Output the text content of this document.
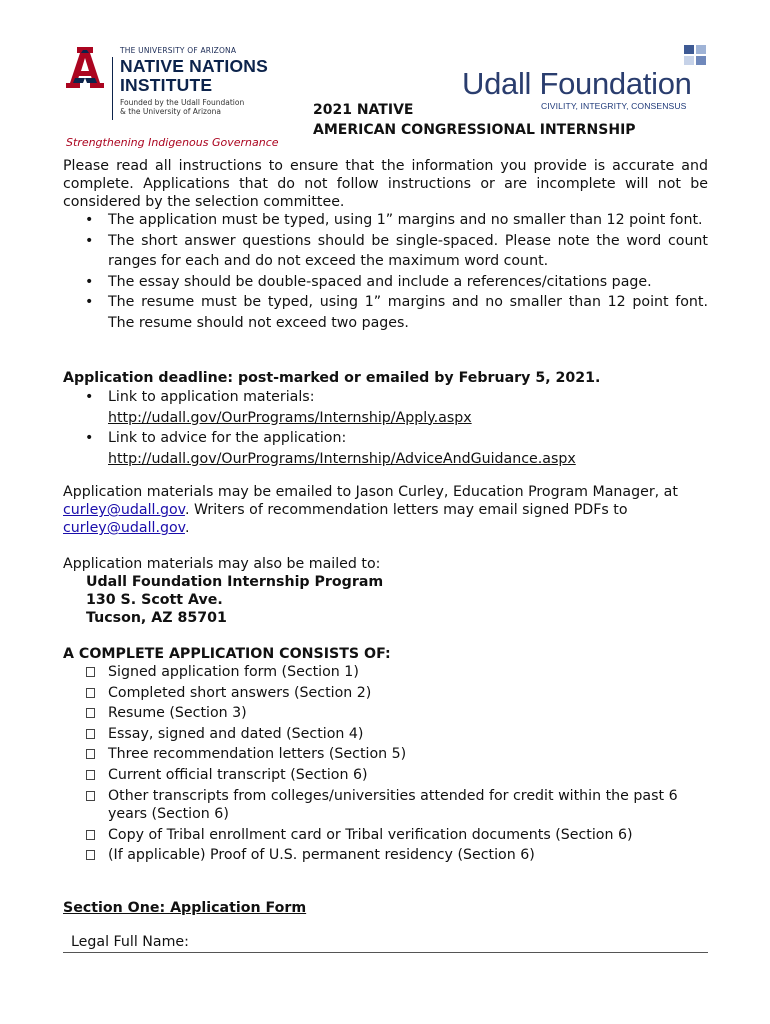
THE UNIVERSITY OF ARIZONA
NATIVE NATIONS
INSTITUTE
Founded by the Udall Foundation
& the University of Arizona
Strengthening Indigenous Governance
Udall Foundation
CIVILITY, INTEGRITY, CONSENSUS
2021 NATIVE
AMERICAN CONGRESSIONAL INTERNSHIP
Please read all instructions to ensure that the information you provide is accurate and complete. Applications that do not follow instructions or are incomplete will not be considered by the selection committee.
• The application must be typed, using 1” margins and no smaller than 12 point font.
• The short answer questions should be single-spaced. Please note the word count ranges for each and do not exceed the maximum word count.
• The essay should be double-spaced and include a references/citations page.
• The resume must be typed, using 1” margins and no smaller than 12 point font. The resume should not exceed two pages.
Application deadline: post-marked or emailed by February 5, 2021.
• Link to application materials:
http://udall.gov/OurPrograms/Internship/Apply.aspx
• Link to advice for the application:
http://udall.gov/OurPrograms/Internship/AdviceAndGuidance.aspx
Application materials may be emailed to Jason Curley, Education Program Manager, at curley@udall.gov. Writers of recommendation letters may email signed PDFs to curley@udall.gov.
Application materials may also be mailed to:
Udall Foundation Internship Program
130 S. Scott Ave.
Tucson, AZ 85701
A COMPLETE APPLICATION CONSISTS OF:
Signed application form (Section 1)
Completed short answers (Section 2)
Resume (Section 3)
Essay, signed and dated (Section 4)
Three recommendation letters (Section 5)
Current official transcript (Section 6)
Other transcripts from colleges/universities attended for credit within the past 6 years (Section 6)
Copy of Tribal enrollment card or Tribal verification documents (Section 6)
(If applicable) Proof of U.S. permanent residency (Section 6)
Section One: Application Form
Legal Full Name:
